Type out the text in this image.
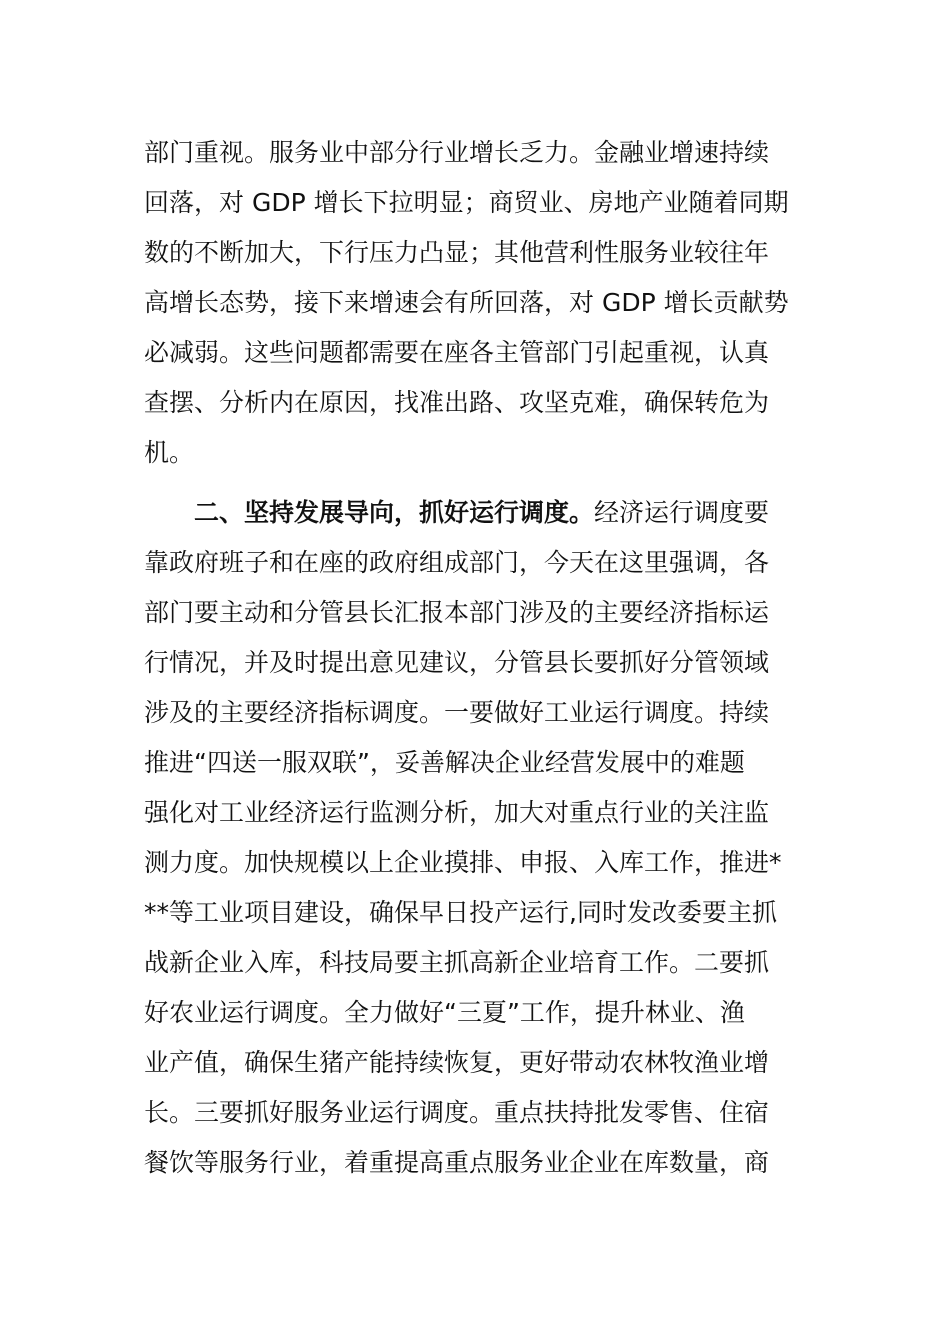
部门重视。服务业中部分行业增长乏力。金融业增速持续
回落，对 GDP 增长下拉明显；商贸业、房地产业随着同期
数的不断加大，下行压力凸显；其他营利性服务业较往年
高增长态势，接下来增速会有所回落，对 GDP 增长贡献势
必减弱。这些问题都需要在座各主管部门引起重视，认真
查摆、分析内在原因，找准出路、攻坚克难，确保转危为
机。
二、坚持发展导向，抓好运行调度。经济运行调度要
靠政府班子和在座的政府组成部门，今天在这里强调，各
部门要主动和分管县长汇报本部门涉及的主要经济指标运
行情况，并及时提出意见建议，分管县长要抓好分管领域
涉及的主要经济指标调度。一要做好工业运行调度。持续
推进“四送一服双联”，妥善解决企业经营发展中的难题
强化对工业经济运行监测分析，加大对重点行业的关注监
测力度。加快规模以上企业摸排、申报、入库工作，推进*
**等工业项目建设，确保早日投产运行,同时发改委要主抓
战新企业入库，科技局要主抓高新企业培育工作。二要抓
好农业运行调度。全力做好“三夏”工作，提升林业、渔
业产值，确保生猪产能持续恢复，更好带动农林牧渔业增
长。三要抓好服务业运行调度。重点扶持批发零售、住宿
餐饮等服务行业，着重提高重点服务业企业在库数量，商
